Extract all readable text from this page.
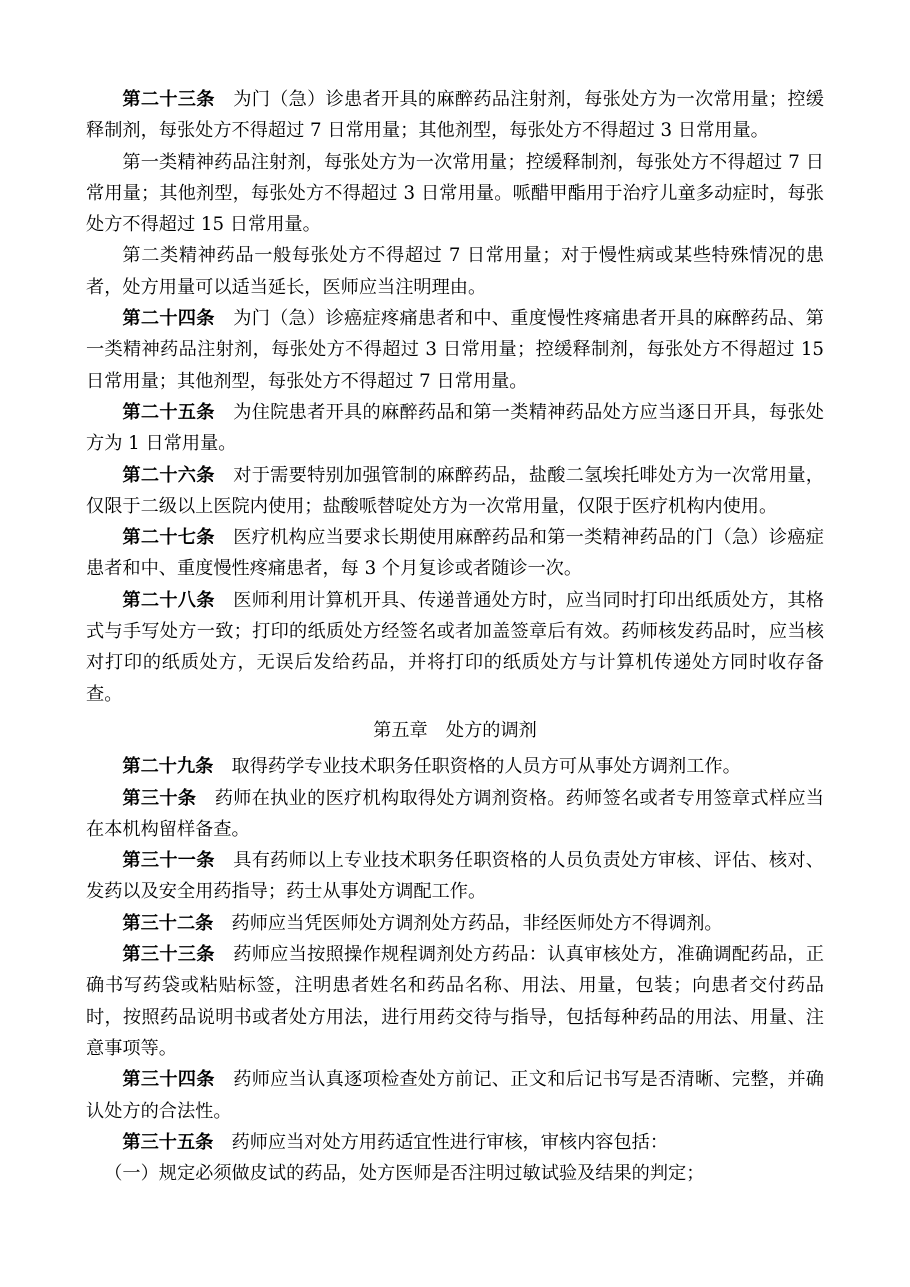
第二十三条 为门（急）诊患者开具的麻醉药品注射剂，每张处方为一次常用量；控缓释制剂，每张处方不得超过 7 日常用量；其他剂型，每张处方不得超过 3 日常用量。

第一类精神药品注射剂，每张处方为一次常用量；控缓释制剂，每张处方不得超过 7 日常用量；其他剂型，每张处方不得超过 3 日常用量。哌醋甲酯用于治疗儿童多动症时，每张处方不得超过 15 日常用量。

第二类精神药品一般每张处方不得超过 7 日常用量；对于慢性病或某些特殊情况的患者，处方用量可以适当延长，医师应当注明理由。

第二十四条 为门（急）诊癌症疼痛患者和中、重度慢性疼痛患者开具的麻醉药品、第一类精神药品注射剂，每张处方不得超过 3 日常用量；控缓释制剂，每张处方不得超过 15 日常用量；其他剂型，每张处方不得超过 7 日常用量。

第二十五条 为住院患者开具的麻醉药品和第一类精神药品处方应当逐日开具，每张处方为 1 日常用量。

第二十六条 对于需要特别加强管制的麻醉药品，盐酸二氢埃托啡处方为一次常用量，仅限于二级以上医院内使用；盐酸哌替啶处方为一次常用量，仅限于医疗机构内使用。

第二十七条 医疗机构应当要求长期使用麻醉药品和第一类精神药品的门（急）诊癌症患者和中、重度慢性疼痛患者，每 3 个月复诊或者随诊一次。

第二十八条 医师利用计算机开具、传递普通处方时，应当同时打印出纸质处方，其格式与手写处方一致；打印的纸质处方经签名或者加盖签章后有效。药师核发药品时，应当核对打印的纸质处方，无误后发给药品，并将打印的纸质处方与计算机传递处方同时收存备查。

第五章　处方的调剂

第二十九条 取得药学专业技术职务任职资格的人员方可从事处方调剂工作。

第三十条 药师在执业的医疗机构取得处方调剂资格。药师签名或者专用签章式样应当在本机构留样备查。

第三十一条 具有药师以上专业技术职务任职资格的人员负责处方审核、评估、核对、发药以及安全用药指导；药士从事处方调配工作。

第三十二条 药师应当凭医师处方调剂处方药品，非经医师处方不得调剂。

第三十三条 药师应当按照操作规程调剂处方药品：认真审核处方，准确调配药品，正确书写药袋或粘贴标签，注明患者姓名和药品名称、用法、用量，包装；向患者交付药品时，按照药品说明书或者处方用法，进行用药交待与指导，包括每种药品的用法、用量、注意事项等。

第三十四条 药师应当认真逐项检查处方前记、正文和后记书写是否清晰、完整，并确认处方的合法性。

第三十五条 药师应当对处方用药适宜性进行审核，审核内容包括：

（一）规定必须做皮试的药品，处方医师是否注明过敏试验及结果的判定；
